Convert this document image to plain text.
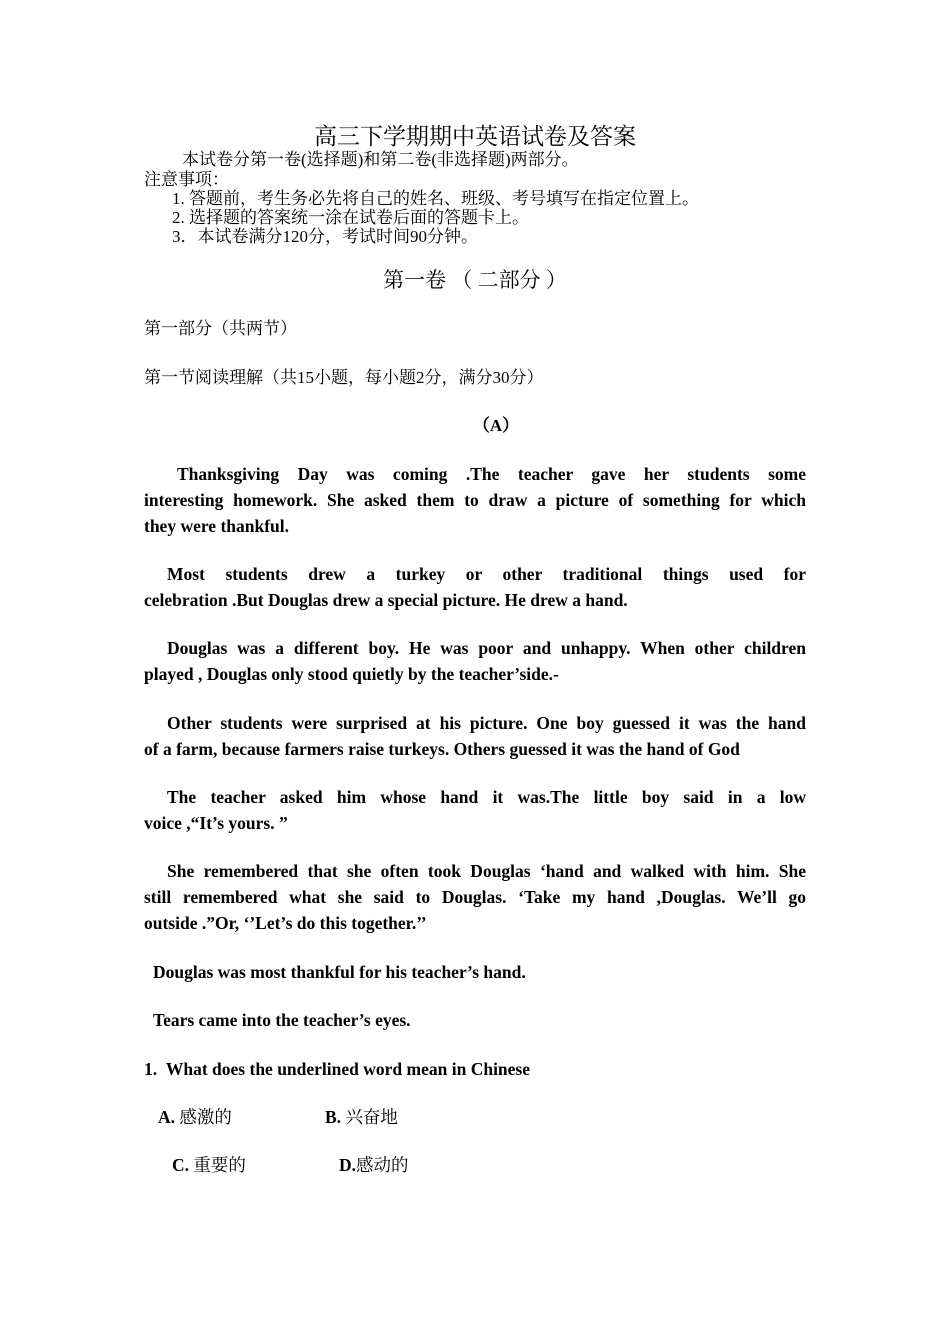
高三下学期期中英语试卷及答案
本试卷分第一卷(选择题)和第二卷(非选择题)两部分。
注意事项：
1. 答题前，考生务必先将自己的姓名、班级、考号填写在指定位置上。
2. 选择题的答案统一涂在试卷后面的答题卡上。
3．本试卷满分120分，考试时间90分钟。
第一卷 （ 二部分 ）
第一部分（共两节）
第一节阅读理解（共15小题，每小题2分，满分30分）
（A）
Thanksgiving Day was coming .The teacher gave her students some
interesting homework. She asked them to draw a picture of something for which
they were thankful.
Most students drew a turkey or other traditional things used for
celebration .But Douglas drew a special picture. He drew a hand.
Douglas was a different boy. He was poor and unhappy. When other children
played , Douglas only stood quietly by the teacher’side.-
Other students were surprised at his picture. One boy guessed it was the hand
of a farm, because farmers raise turkeys. Others guessed it was the hand of God
The teacher asked him whose hand it was.The little boy said in a low
voice ,“It’s yours. ”
She remembered that she often took Douglas ‘hand and walked with him. She
still remembered what she said to Douglas. ‘Take my hand ,Douglas. We’ll go
outside .”Or, ‘’Let’s do this together.’’
Douglas was most thankful for his teacher’s hand.
Tears came into the teacher’s eyes.
1. What does the underlined word mean in Chinese
A. 感激的	B. 兴奋地
C. 重要的	D.感动的
